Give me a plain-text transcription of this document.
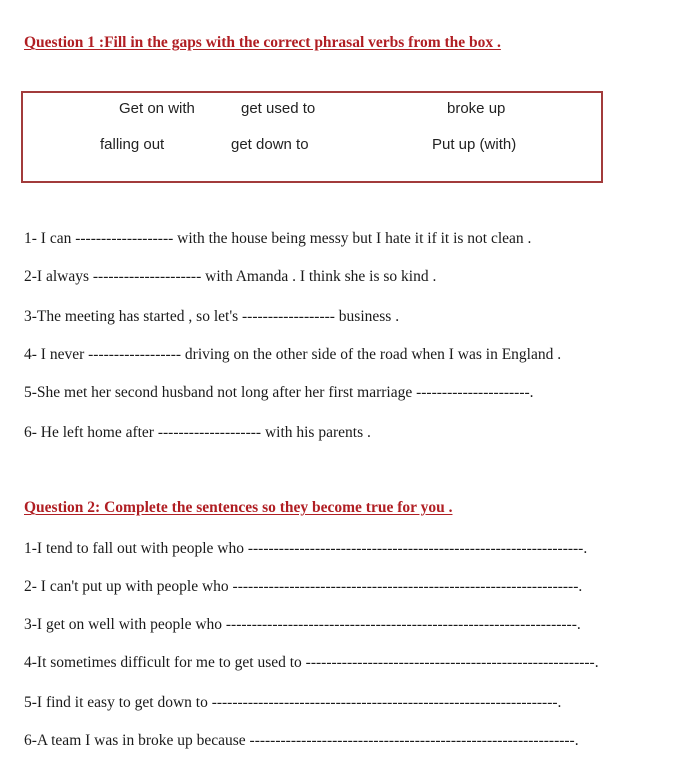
Question 1 :Fill in the gaps with the correct phrasal verbs from the box .
Get on with	get used to	broke up
falling out	get down to	Put up (with)
1- I can ------------------- with the house being messy but I hate it if it is not clean .
2-I always --------------------- with Amanda . I think she is so kind .
3-The meeting has started , so let's ------------------ business .
4- I never ------------------ driving on the other side of the road when I was in England .
5-She met her second husband not long after her first marriage ----------------------.
6- He left home after -------------------- with his parents .
Question 2: Complete the sentences so they become true for you .
1-I tend to fall out with people who -----------------------------------------------------------------.
2- I can't put up with people who -------------------------------------------------------------------.
3-I get on well with people who --------------------------------------------------------------------.
4-It sometimes difficult for me to get used to --------------------------------------------------------.
5-I find it easy to get down to -------------------------------------------------------------------.
6-A team I was in broke up because ---------------------------------------------------------------.
